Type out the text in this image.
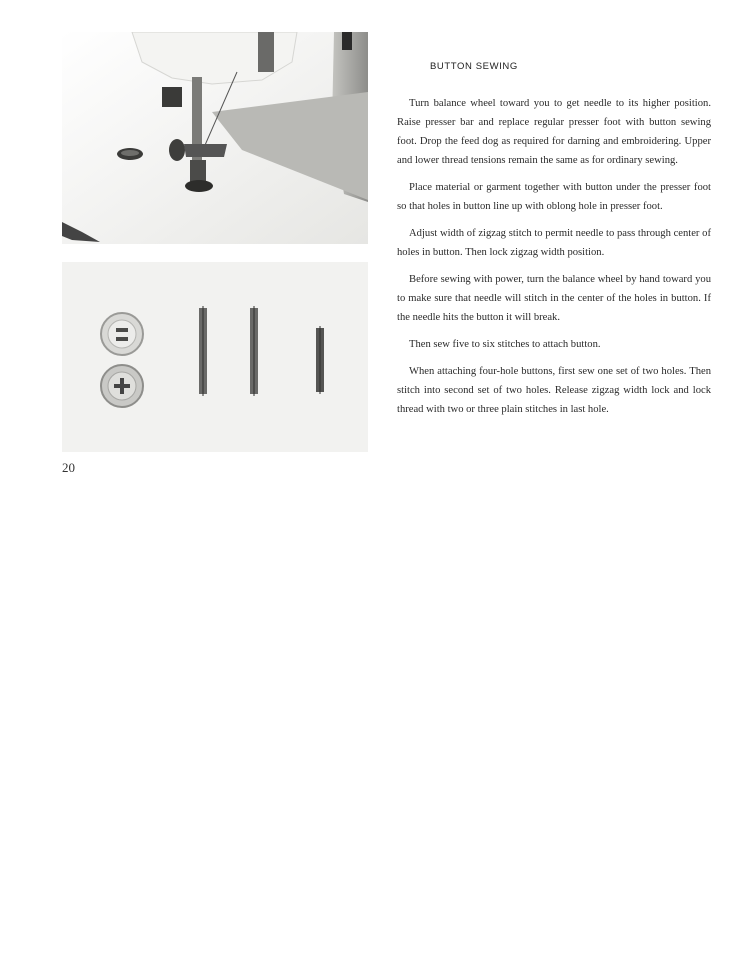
20
BUTTON SEWING

Turn balance wheel toward you to get needle to its higher position. Raise presser bar and replace regular presser foot with button sewing foot. Drop the feed dog as required for darning and embroidering. Upper and lower thread tensions remain the same as for ordinary sewing.

Place material or garment together with button under the presser foot so that holes in button line up with oblong hole in presser foot.

Adjust width of zigzag stitch to permit needle to pass through center of holes in button. Then lock zigzag width position.

Before sewing with power, turn the balance wheel by hand toward you to make sure that needle will stitch in the center of the holes in button. If the needle hits the button it will break.

Then sew five to six stitches to attach button.

When attaching four-hole buttons, first sew one set of two holes. Then stitch into second set of two holes. Release zigzag width lock and lock thread with two or three plain stitches in last hole.
